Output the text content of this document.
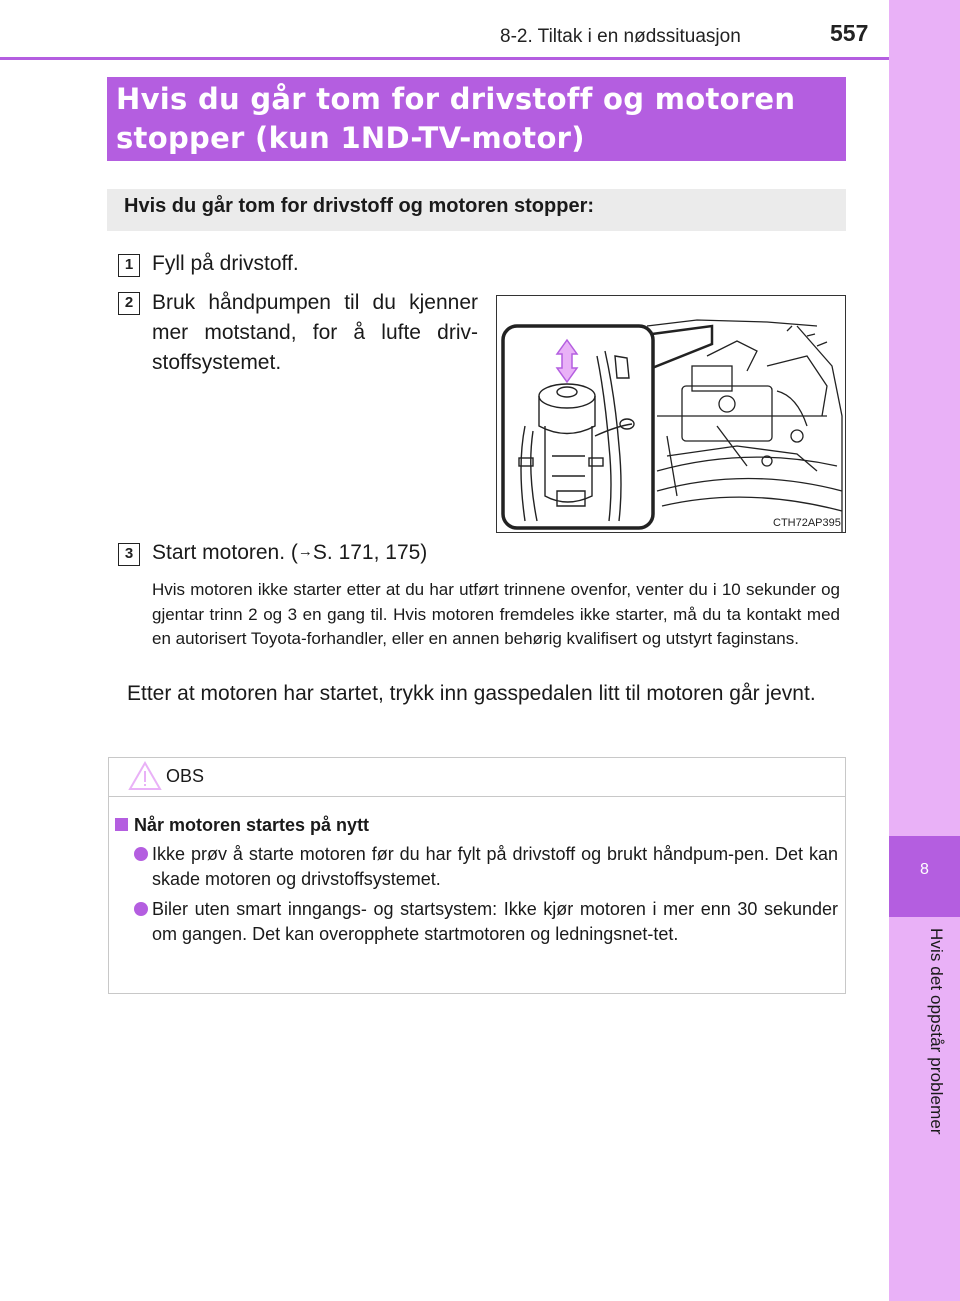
8
Hvis det oppstår problemer
8-2. Tiltak i en nødssituasjon	557
Hvis du går tom for drivstoff og motoren
stopper (kun 1ND-TV-motor)
Hvis du går tom for drivstoff og motoren stopper:
1 Fyll på drivstoff.
2 Bruk håndpumpen til du kjenner mer motstand, for å lufte driv-stoffsystemet.
CTH72AP395
3 Start motoren. (→S. 171, 175)
Hvis motoren ikke starter etter at du har utført trinnene ovenfor, venter du i 10 sekunder og gjentar trinn 2 og 3 en gang til. Hvis motoren fremdeles ikke starter, må du ta kontakt med en autorisert Toyota-forhandler, eller en annen behørig kvalifisert og utstyrt faginstans.
Etter at motoren har startet, trykk inn gasspedalen litt til motoren går jevnt.
OBS
Når motoren startes på nytt
Ikke prøv å starte motoren før du har fylt på drivstoff og brukt håndpum-pen. Det kan skade motoren og drivstoffsystemet.
Biler uten smart inngangs- og startsystem: Ikke kjør motoren i mer enn 30 sekunder om gangen. Det kan overopphete startmotoren og ledningsnet-tet.
